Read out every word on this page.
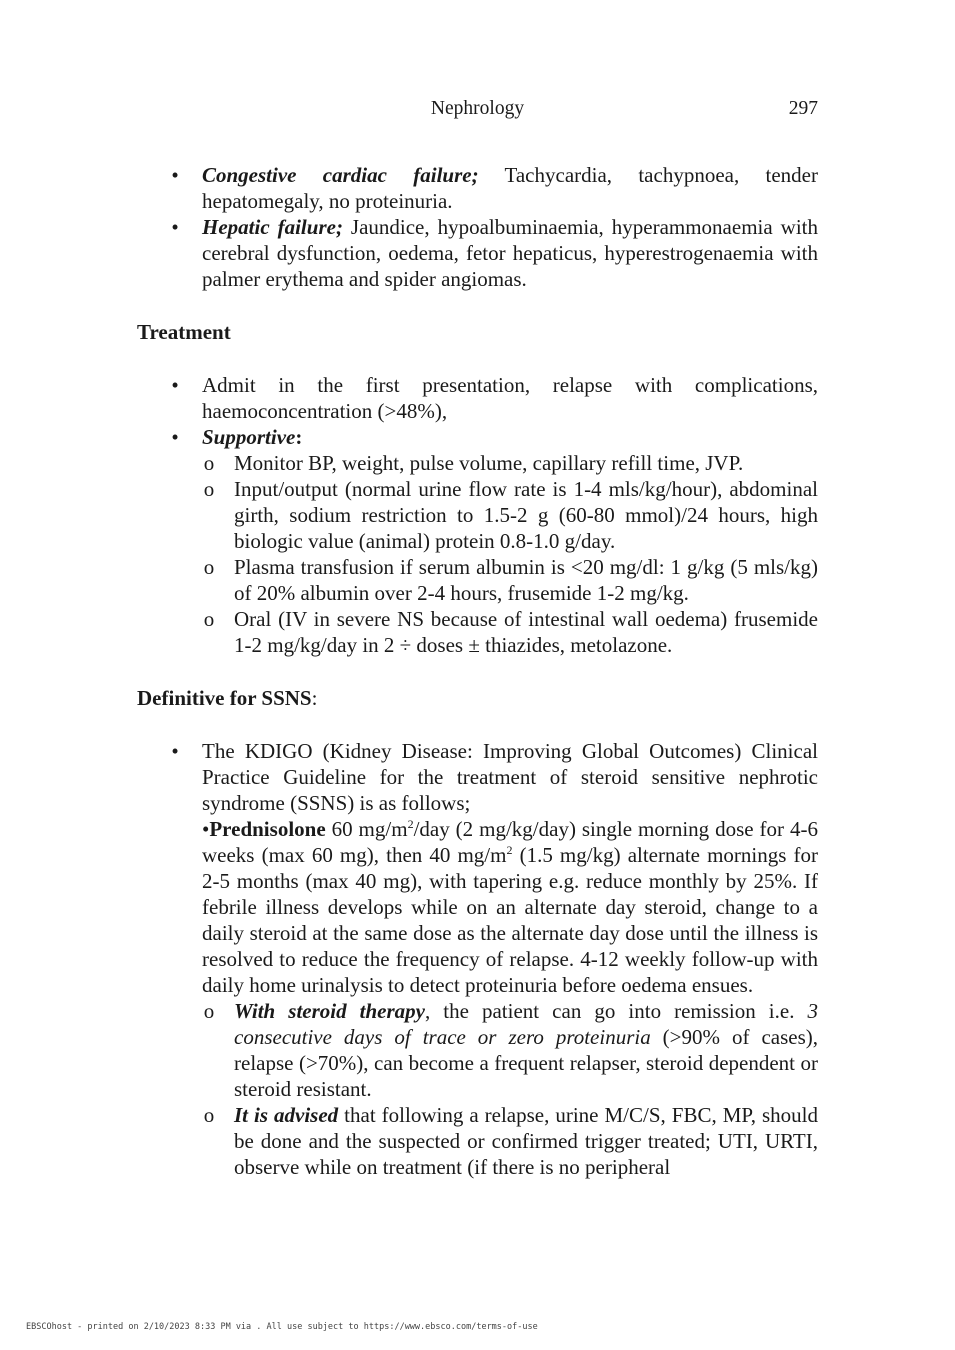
Nephrology	297
• Congestive cardiac failure; Tachycardia, tachypnoea, tender hepatomegaly, no proteinuria.
• Hepatic failure; Jaundice, hypoalbuminaemia, hyperammonaemia with cerebral dysfunction, oedema, fetor hepaticus, hyperestrogenaemia with palmer erythema and spider angiomas.

Treatment

• Admit in the first presentation, relapse with complications, haemoconcentration (>48%),
• Supportive:
o Monitor BP, weight, pulse volume, capillary refill time, JVP.
o Input/output (normal urine flow rate is 1-4 mls/kg/hour), abdominal girth, sodium restriction to 1.5-2 g (60-80 mmol)/24 hours, high biologic value (animal) protein 0.8-1.0 g/day.
o Plasma transfusion if serum albumin is <20 mg/dl: 1 g/kg (5 mls/kg) of 20% albumin over 2-4 hours, frusemide 1-2 mg/kg.
o Oral (IV in severe NS because of intestinal wall oedema) frusemide 1-2 mg/kg/day in 2 ÷ doses ± thiazides, metolazone.

Definitive for SSNS:

• The KDIGO (Kidney Disease: Improving Global Outcomes) Clinical Practice Guideline for the treatment of steroid sensitive nephrotic syndrome (SSNS) is as follows;
•Prednisolone 60 $mg/m^2$/day (2 mg/kg/day) single morning dose for 4-6 weeks (max 60 mg), then 40 $mg/m^2$ (1.5 mg/kg) alternate mornings for 2-5 months (max 40 mg), with tapering e.g. reduce monthly by 25%. If febrile illness develops while on an alternate day steroid, change to a daily steroid at the same dose as the alternate day dose until the illness is resolved to reduce the frequency of relapse. 4-12 weekly follow-up with daily home urinalysis to detect proteinuria before oedema ensues.
o With steroid therapy, the patient can go into remission i.e. 3 consecutive days of trace or zero proteinuria (>90% of cases), relapse (>70%), can become a frequent relapser, steroid dependent or steroid resistant.
o It is advised that following a relapse, urine M/C/S, FBC, MP, should be done and the suspected or confirmed trigger treated; UTI, URTI, observe while on treatment (if there is no peripheral
EBSCOhost - printed on 2/10/2023 8:33 PM via . All use subject to https://www.ebsco.com/terms-of-use
